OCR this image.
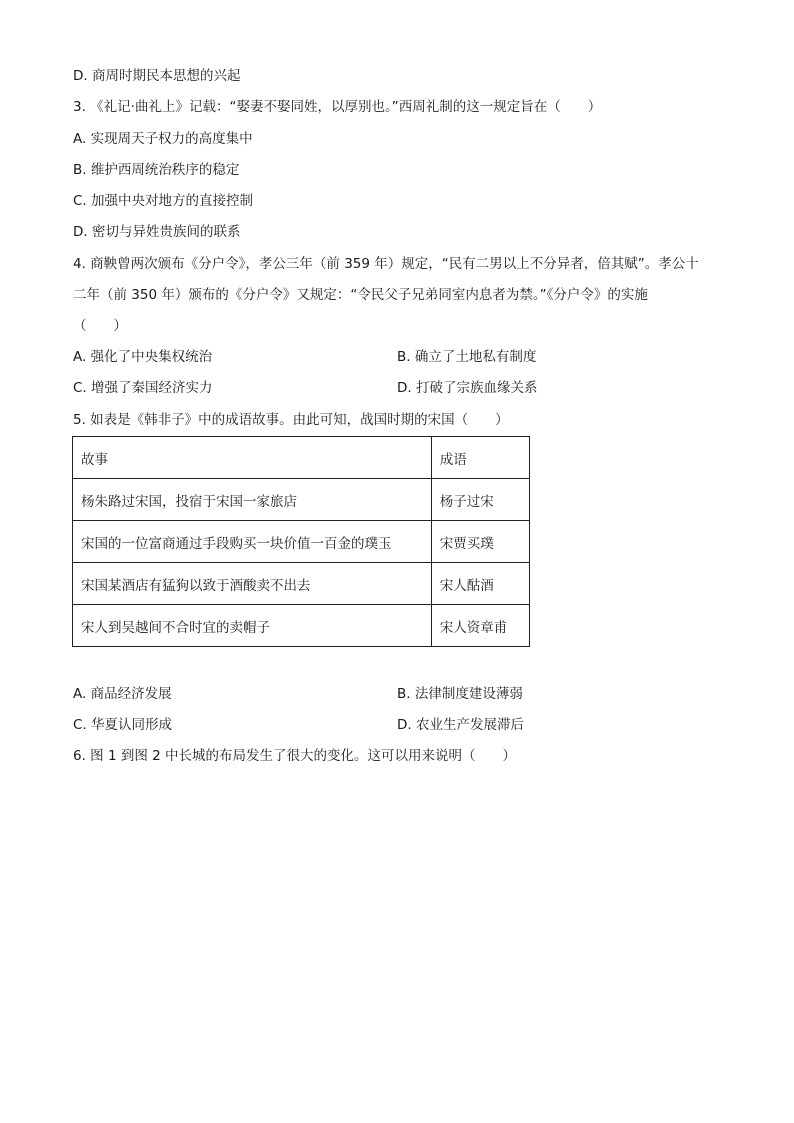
D. 商周时期民本思想的兴起
3. 《礼记·曲礼上》记载：“娶妻不娶同姓，以厚别也。”西周礼制的这一规定旨在（　　）
A. 实现周天子权力的高度集中
B. 维护西周统治秩序的稳定
C. 加强中央对地方的直接控制
D. 密切与异姓贵族间的联系
4. 商鞅曾两次颁布《分户令》，孝公三年（前 359 年）规定，“民有二男以上不分异者，倍其赋”。孝公十
二年（前 350 年）颁布的《分户令》又规定：“令民父子兄弟同室内息者为禁。”《分户令》的实施
（　　）
A. 强化了中央集权统治	B. 确立了土地私有制度
C. 增强了秦国经济实力	D. 打破了宗族血缘关系
5. 如表是《韩非子》中的成语故事。由此可知，战国时期的宋国（　　）
故事	成语
杨朱路过宋国，投宿于宋国一家旅店	杨子过宋
宋国的一位富商通过手段购买一块价值一百金的璞玉	宋贾买璞
宋国某酒店有猛狗以致于酒酸卖不出去	宋人酤酒
宋人到吴越间不合时宜的卖帽子	宋人资章甫
A. 商品经济发展	B. 法律制度建设薄弱
C. 华夏认同形成	D. 农业生产发展滞后
6. 图 1 到图 2 中长城的布局发生了很大的变化。这可以用来说明（　　）
